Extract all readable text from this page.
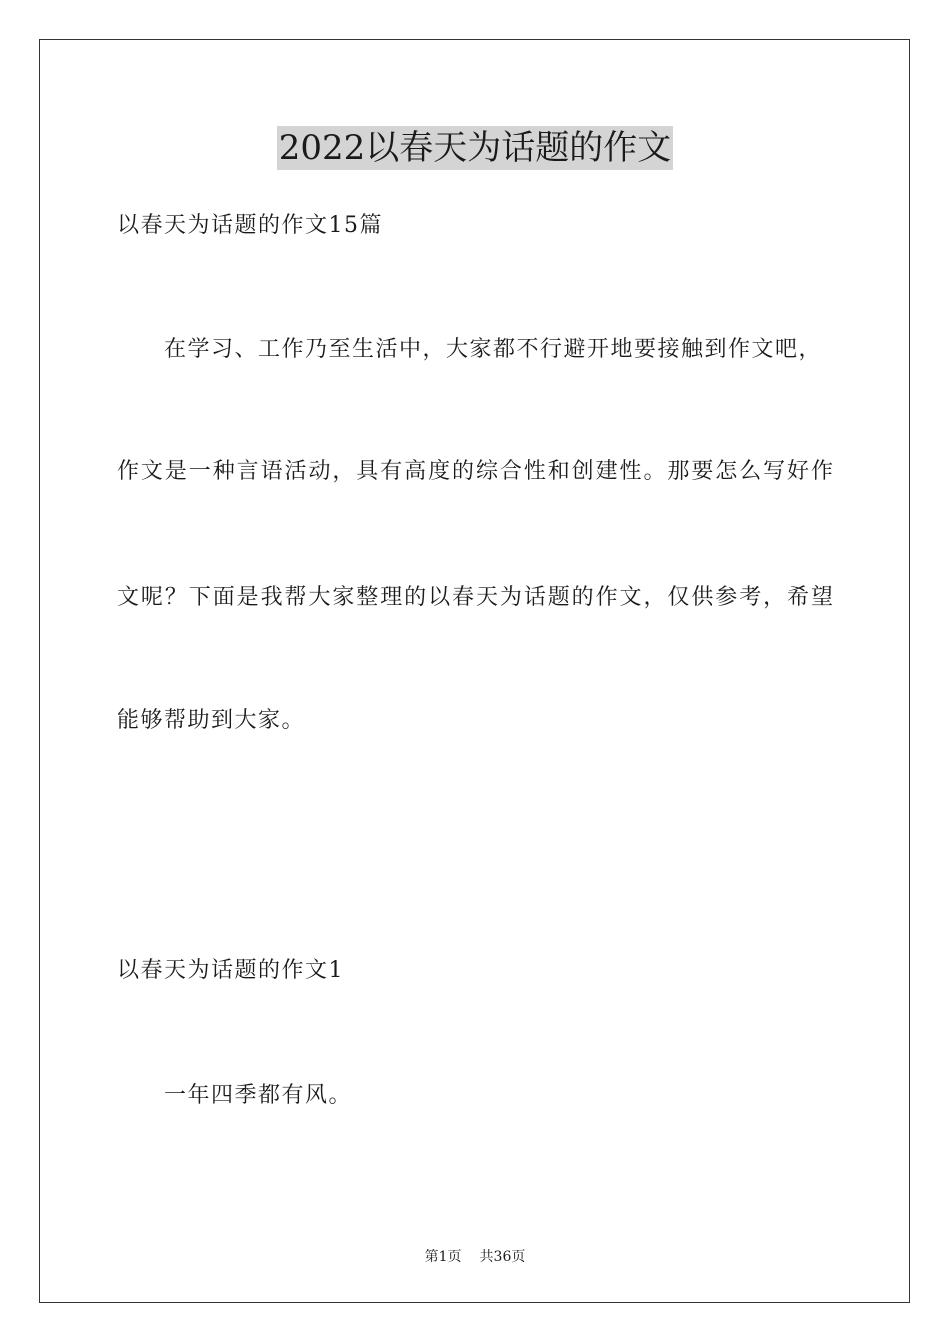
2022以春天为话题的作文
以春天为话题的作文15篇
在学习、工作乃至生活中，大家都不行避开地要接触到作文吧，
作文是一种言语活动，具有高度的综合性和创建性。那要怎么写好作
文呢？下面是我帮大家整理的以春天为话题的作文，仅供参考，希望
能够帮助到大家。
以春天为话题的作文1
一年四季都有风。
第1页 共36页
